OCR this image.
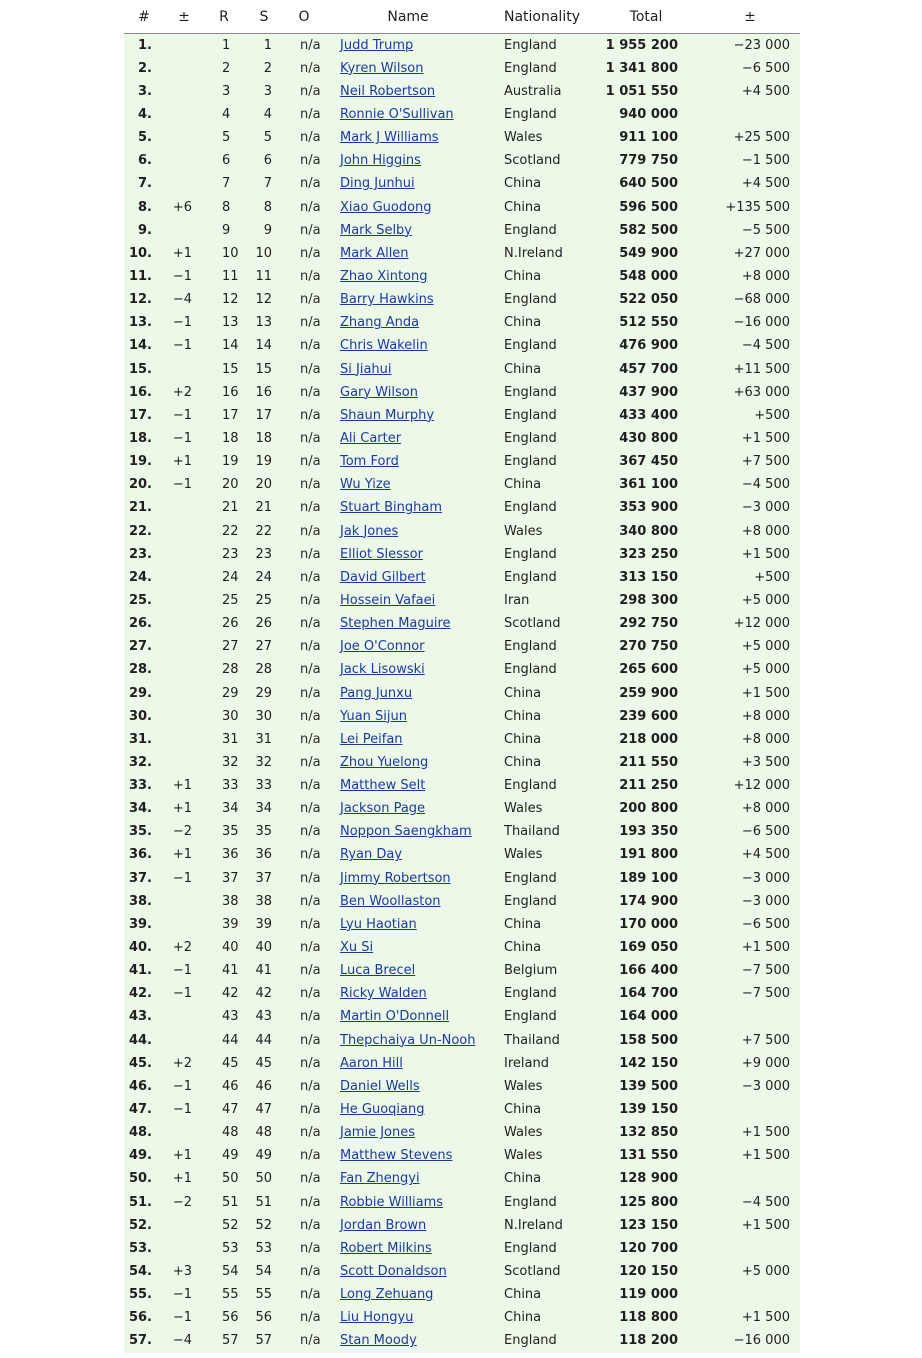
#	±	R	S	O	Name	Nationality	Total	±
1.		1	1	n/a	Judd Trump	England	1 955 200	−23 000
2.		2	2	n/a	Kyren Wilson	England	1 341 800	−6 500
3.		3	3	n/a	Neil Robertson	Australia	1 051 550	+4 500
4.		4	4	n/a	Ronnie O'Sullivan	England	940 000	
5.		5	5	n/a	Mark J Williams	Wales	911 100	+25 500
6.		6	6	n/a	John Higgins	Scotland	779 750	−1 500
7.		7	7	n/a	Ding Junhui	China	640 500	+4 500
8.	+6	8	8	n/a	Xiao Guodong	China	596 500	+135 500
9.		9	9	n/a	Mark Selby	England	582 500	−5 500
10.	+1	10	10	n/a	Mark Allen	N.Ireland	549 900	+27 000
11.	−1	11	11	n/a	Zhao Xintong	China	548 000	+8 000
12.	−4	12	12	n/a	Barry Hawkins	England	522 050	−68 000
13.	−1	13	13	n/a	Zhang Anda	China	512 550	−16 000
14.	−1	14	14	n/a	Chris Wakelin	England	476 900	−4 500
15.		15	15	n/a	Si Jiahui	China	457 700	+11 500
16.	+2	16	16	n/a	Gary Wilson	England	437 900	+63 000
17.	−1	17	17	n/a	Shaun Murphy	England	433 400	+500
18.	−1	18	18	n/a	Ali Carter	England	430 800	+1 500
19.	+1	19	19	n/a	Tom Ford	England	367 450	+7 500
20.	−1	20	20	n/a	Wu Yize	China	361 100	−4 500
21.		21	21	n/a	Stuart Bingham	England	353 900	−3 000
22.		22	22	n/a	Jak Jones	Wales	340 800	+8 000
23.		23	23	n/a	Elliot Slessor	England	323 250	+1 500
24.		24	24	n/a	David Gilbert	England	313 150	+500
25.		25	25	n/a	Hossein Vafaei	Iran	298 300	+5 000
26.		26	26	n/a	Stephen Maguire	Scotland	292 750	+12 000
27.		27	27	n/a	Joe O'Connor	England	270 750	+5 000
28.		28	28	n/a	Jack Lisowski	England	265 600	+5 000
29.		29	29	n/a	Pang Junxu	China	259 900	+1 500
30.		30	30	n/a	Yuan Sijun	China	239 600	+8 000
31.		31	31	n/a	Lei Peifan	China	218 000	+8 000
32.		32	32	n/a	Zhou Yuelong	China	211 550	+3 500
33.	+1	33	33	n/a	Matthew Selt	England	211 250	+12 000
34.	+1	34	34	n/a	Jackson Page	Wales	200 800	+8 000
35.	−2	35	35	n/a	Noppon Saengkham	Thailand	193 350	−6 500
36.	+1	36	36	n/a	Ryan Day	Wales	191 800	+4 500
37.	−1	37	37	n/a	Jimmy Robertson	England	189 100	−3 000
38.		38	38	n/a	Ben Woollaston	England	174 900	−3 000
39.		39	39	n/a	Lyu Haotian	China	170 000	−6 500
40.	+2	40	40	n/a	Xu Si	China	169 050	+1 500
41.	−1	41	41	n/a	Luca Brecel	Belgium	166 400	−7 500
42.	−1	42	42	n/a	Ricky Walden	England	164 700	−7 500
43.		43	43	n/a	Martin O'Donnell	England	164 000	
44.		44	44	n/a	Thepchaiya Un-Nooh	Thailand	158 500	+7 500
45.	+2	45	45	n/a	Aaron Hill	Ireland	142 150	+9 000
46.	−1	46	46	n/a	Daniel Wells	Wales	139 500	−3 000
47.	−1	47	47	n/a	He Guoqiang	China	139 150	
48.		48	48	n/a	Jamie Jones	Wales	132 850	+1 500
49.	+1	49	49	n/a	Matthew Stevens	Wales	131 550	+1 500
50.	+1	50	50	n/a	Fan Zhengyi	China	128 900	
51.	−2	51	51	n/a	Robbie Williams	England	125 800	−4 500
52.		52	52	n/a	Jordan Brown	N.Ireland	123 150	+1 500
53.		53	53	n/a	Robert Milkins	England	120 700	
54.	+3	54	54	n/a	Scott Donaldson	Scotland	120 150	+5 000
55.	−1	55	55	n/a	Long Zehuang	China	119 000	
56.	−1	56	56	n/a	Liu Hongyu	China	118 800	+1 500
57.	−4	57	57	n/a	Stan Moody	England	118 200	−16 000
